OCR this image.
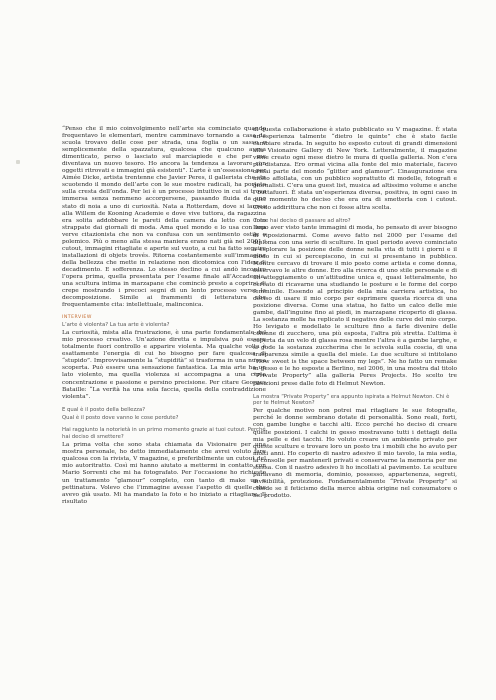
“Penso che il mio coinvolgimento nell’arte sia cominciato quando frequentavo le elementari, mentre camminavo tornando a casa da scuola trovavo delle cose per strada, una foglia o un sasso o semplicemente della spazzatura, qualcosa che qualcuno aveva dimenticato, perso o lasciato sul marciapiede e che per me diventava un nuovo tesoro. Ho ancora la tendenza a lavorare con oggetti ritrovati e immagini già esistenti”. L’arte è un’ossessione per Aimée Dicke, artista trentenne che Javier Peres, il gallerista che sta scuotendo il mondo dell’arte con le sue mostre radicali, ha portato sulla cresta dell’onda. Per lei è un processo intuitivo in cui si trova immersa senza nemmeno accorgersene, passando fluida da uno stato di noia a uno di curiosità. Nata a Rotterdam, dove si laurea alla Willem de Kooning Academie e dove vive tuttora, da ragazzina era solita addobbare le pareti della camera da letto con foto strappate dai giornali di moda. Ama quel mondo e lo usa con una verve citazionista che non va confusa con un sentimento ostile o polemico. Più o meno alla stessa maniera erano nati già nel 2001 i cutout, immagini ritagliate e aperte sul vuoto, a cui ha fatto seguire installazioni di objets trovés. Ritorna costantemente sull’immagine della bellezza che mette in relazione non dicotomica con l’idea di decadimento. E sofferenza. Lo stesso declino a cui andò incontro l’opera prima, quella presentata per l’esame finale all’Accademia, una scultura intima in marzapane che cominciò presto a coprirsi di crepe mostrando i precoci segni di un lento processo verso la decomposizione. Simile ai frammenti di letteratura che frequentamente cita: intellettuale, malinconica.

INTERVIEW
L’arte è violenta? La tua arte è violenta?

La curiosità, mista alla frustrazione, è una parte fondamentale del mio processo creativo. Un’azione diretta e impulsiva può essere totalmente fuori controllo e apparire violenta. Ma qualche volta è esattamente l’energia di cui ho bisogno per fare qualcosa di “stupido”. Improvvisamente la “stupidità” si trasforma in una nuova scoperta. Può essere una sensazione fantastica. La mia arte ha un lato violento, ma quella violenza si accompagna a una certa concentrazione e passione e persino precisione. Per citare Georges Bataille: “La verità ha una sola faccia, quella della contraddizione violenta”.

E qual è il posto della bellezza?
Qual è il posto dove vanno le cose perdute?
Hai raggiunto la notorietà in un primo momento grazie ai tuoi cutout. Perché hai deciso di smettere?

La prima volta che sono stata chiamata da Visionaire per una mostra personale, ho detto immediatamente che avrei voluto fare qualcosa con la rivista, V magazine, e preferibilmente un cutout del mio autoritratto. Così mi hanno aiutato a mettermi in contatto con Mario Sorrenti che mi ha fotografato. Per l’occasione ho richiesto un trattamento “glamour” completo, con tanto di make up e pettinatura. Volevo che l’immagine avesse l’aspetto di quelle che avevo già usato. Mi ha mandato la foto e ho iniziato a ritagliare. Il risultato

di questa collaborazione è stato pubblicato su V magazine. È stata un’esperienza talmente “dietro le quinte” che è stato facile cambiare strada. In seguito ho esposto cutout di grandi dimensioni alla Visionaire Gallery di New York. Letteralmente, il magazine viene creato ogni mese dietro le mura di quella galleria. Non c’era più distanza. Ero ormai vicina alla fonte del mio materiale, facevo ormai parte del mondo “glitter and glamour”. L’inaugurazione era molto affollata, con un pubblico soprattutto di modelle, fotografi e giornalisti. C’era una guest list, musica ad altissimo volume e anche i buttafuori. È stata un’esperienza diversa, positiva, in ogni caso in quel momento ho deciso che era ora di smetterla con i cutout. Credo addirittura che non ci fosse altra scelta.

Come hai deciso di passare ad altro?

Dopo aver visto tante immagini di moda, ho pensato di aver bisogno di riposizionarmi. Come avevo fatto nel 2000 per l’esame del diploma con una serie di sculture. In quel periodo avevo cominciato a esplorare la posizione delle donne nella vita di tutti i giorni e il modo in cui si percepiscono, in cui si presentano in pubblico. Mentre cercavo di trovare il mio posto come artista e come donna, osservavo le altre donne. Ero alla ricerca di uno stile personale e di un atteggiamento o un’attitudine unica e, quasi letteralmente, ho cercato di ricavarne una studiando le posture e le forme del corpo femminile. Essendo al principio della mia carriera artistica, ho deciso di usare il mio corpo per esprimere questa ricerca di una posizione diversa. Come una statua, ho fatto un calco delle mie gambe, dall’inguine fino ai piedi, in marzapane ricoperto di glassa. La sostanza molle ha replicato il negativo delle curve del mio corpo. Ho levigato e modellato le sculture fino a farle divenire delle colonne di zucchero, una più esposta, l’altra più stretta. L’ultima è coperta da un velo di glassa rosa mentre l’altra è a gambe larghe, e si gode la sostanza zuccherina che le scivola sulla coscia, di una trasparenza simile a quella del miele. Le due sculture si intitolano “How sweet is the space between my legs”. Ne ho fatto un remake in gesso e le ho esposte a Berlino, nel 2006, in una mostra dal titolo “Private Property” alla galleria Peres Projects. Ho scelto tre posizioni prese dalle foto di Helmut Newton.

La mostra “Private Property” era appunto ispirata a Helmut Newton. Chi è per te Helmut Newton?

Per qualche motivo non potrei mai ritagliare le sue fotografie, perché le donne sembrano dotate di personalità. Sono reali, forti, con gambe lunghe e tacchi alti. Ecco perché ho deciso di creare quelle posizioni. I calchi in gesso mostravano tutti i dettagli della mia pelle e dei tacchi. Ho voluto creare un ambiente privato per queste sculture e trovare loro un posto tra i mobili che ho avuto per molti anni. Ho coperto di nastro adesivo il mio tavolo, la mia sedia, la consolle per mantenerli privati e conservarne la memoria per me stessa. Con il nastro adesivo li ho incollati al pavimento. Le sculture parlavano di memoria, dominio, possesso, appartenenza, segreti, invisibilità, protezione. Fondamentalmente “Private Property” si chiede se il feticismo della merce abbia origine nel consumatore o nel prodotto.
